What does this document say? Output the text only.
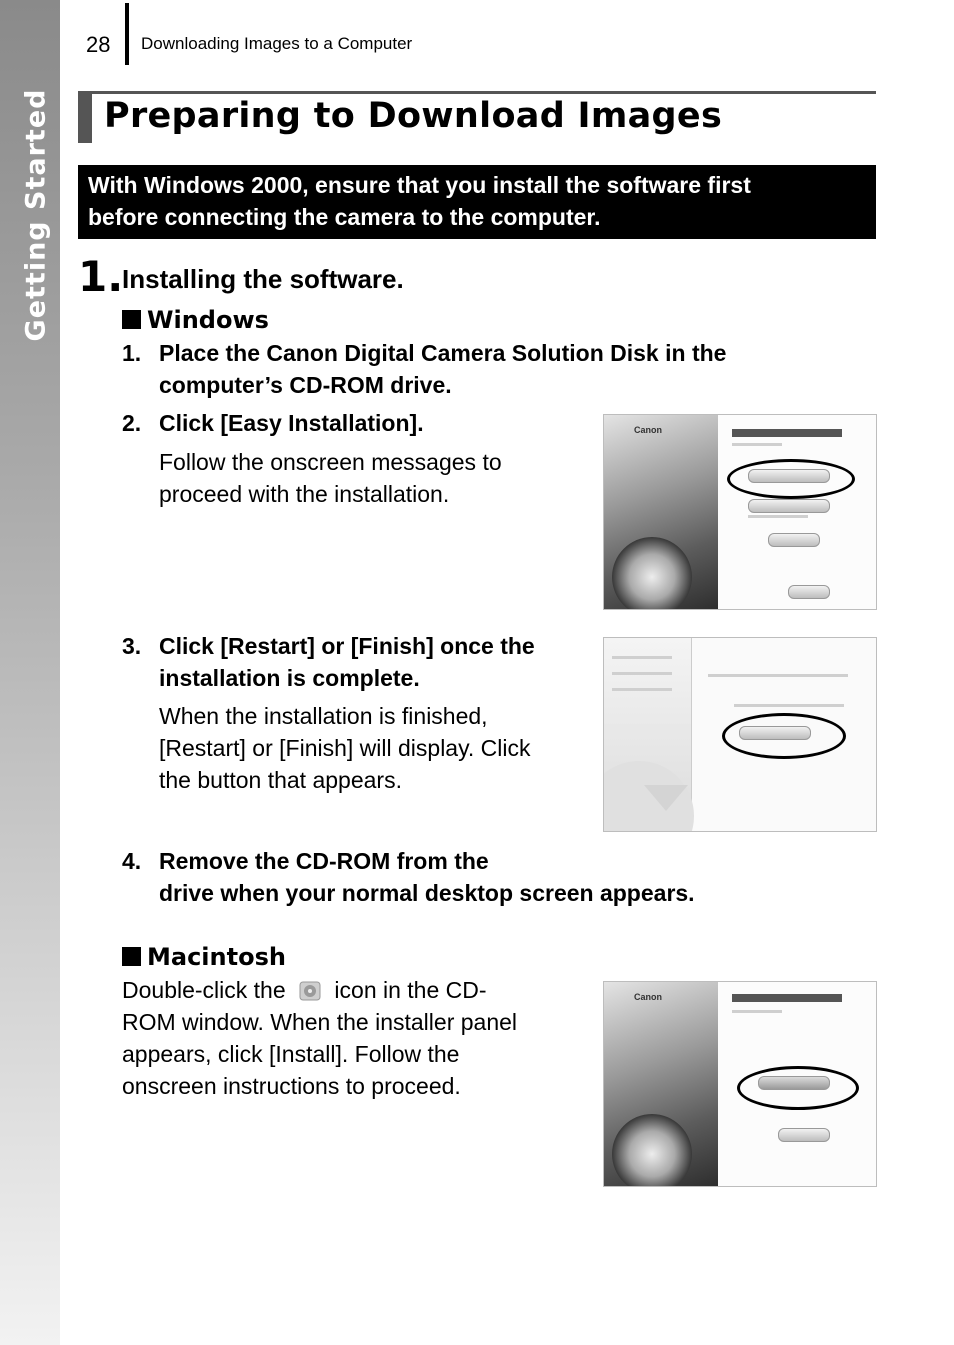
Getting Started
28 Downloading Images to a Computer
Preparing to Download Images
With Windows 2000, ensure that you install the software first
before connecting the camera to the computer.
1.
Installing the software.
Windows
1. Place the Canon Digital Camera Solution Disk in the
computer’s CD-ROM drive.
2. Click [Easy Installation].
Follow the onscreen messages to
proceed with the installation.
Canon
3. Click [Restart] or [Finish] once the
installation is complete.
When the installation is finished,
[Restart] or [Finish] will display. Click
the button that appears.
4. Remove the CD-ROM from the
drive when your normal desktop screen appears.
Macintosh
Double-click the icon in the CD-
ROM window. When the installer panel
appears, click [Install]. Follow the
onscreen instructions to proceed.
Canon
